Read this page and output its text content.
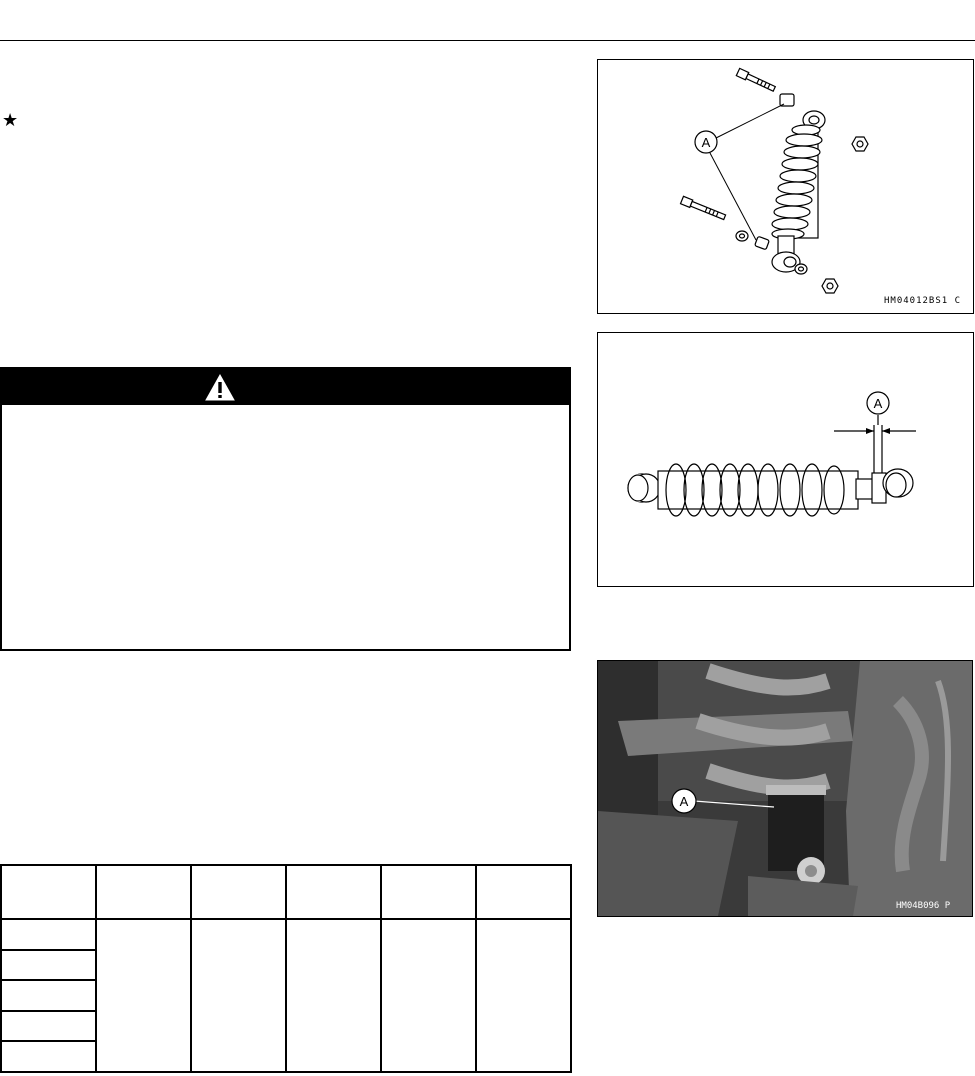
★

A
HM04012BS1 C
A
A
HM04B096 P
